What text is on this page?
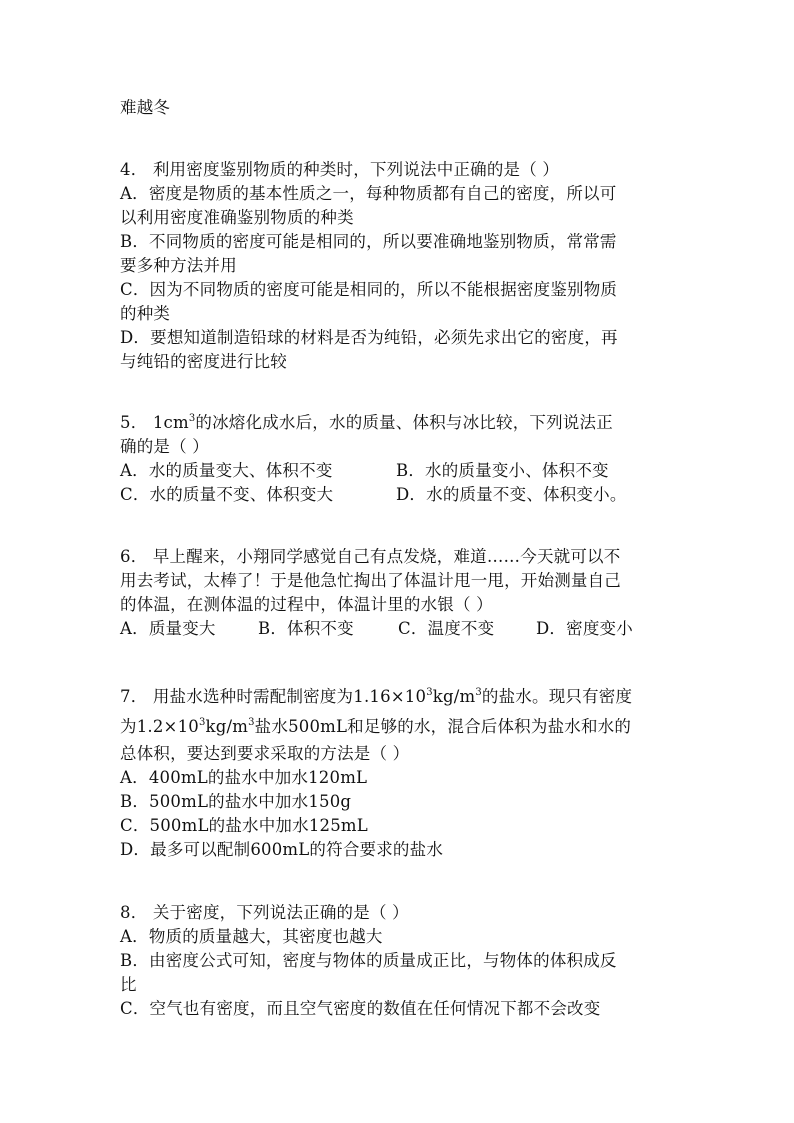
难越冬
4． 利用密度鉴别物质的种类时，下列说法中正确的是（ ）
A．密度是物质的基本性质之一，每种物质都有自己的密度，所以可
以利用密度准确鉴别物质的种类
B．不同物质的密度可能是相同的，所以要准确地鉴别物质，常常需
要多种方法并用
C．因为不同物质的密度可能是相同的，所以不能根据密度鉴别物质
的种类
D．要想知道制造铅球的材料是否为纯铅，必须先求出它的密度，再
与纯铅的密度进行比较
5． $1cm^3$的冰熔化成水后，水的质量、体积与冰比较，下列说法正
确的是（ ）
A．水的质量变大、体积不变	B．水的质量变小、体积不变
C．水的质量不变、体积变大	D．水的质量不变、体积变小。
6． 早上醒来，小翔同学感觉自己有点发烧，难道……今天就可以不
用去考试，太棒了！于是他急忙掏出了体温计甩一甩，开始测量自己
的体温，在测体温的过程中，体温计里的水银（ ）
A．质量变大	B．体积不变	C．温度不变	D．密度变小
7． 用盐水选种时需配制密度为$1.16\times 10^3kg/m^3$的盐水。现只有密度
为$1.2\times 10^3kg/m^3$盐水500mL和足够的水，混合后体积为盐水和水的
总体积，要达到要求采取的方法是（ ）
A．400mL的盐水中加水120mL
B．500mL的盐水中加水150g
C．500mL的盐水中加水125mL
D．最多可以配制600mL的符合要求的盐水
8． 关于密度，下列说法正确的是（ ）
A．物质的质量越大，其密度也越大
B．由密度公式可知，密度与物体的质量成正比，与物体的体积成反
比
C．空气也有密度，而且空气密度的数值在任何情况下都不会改变
